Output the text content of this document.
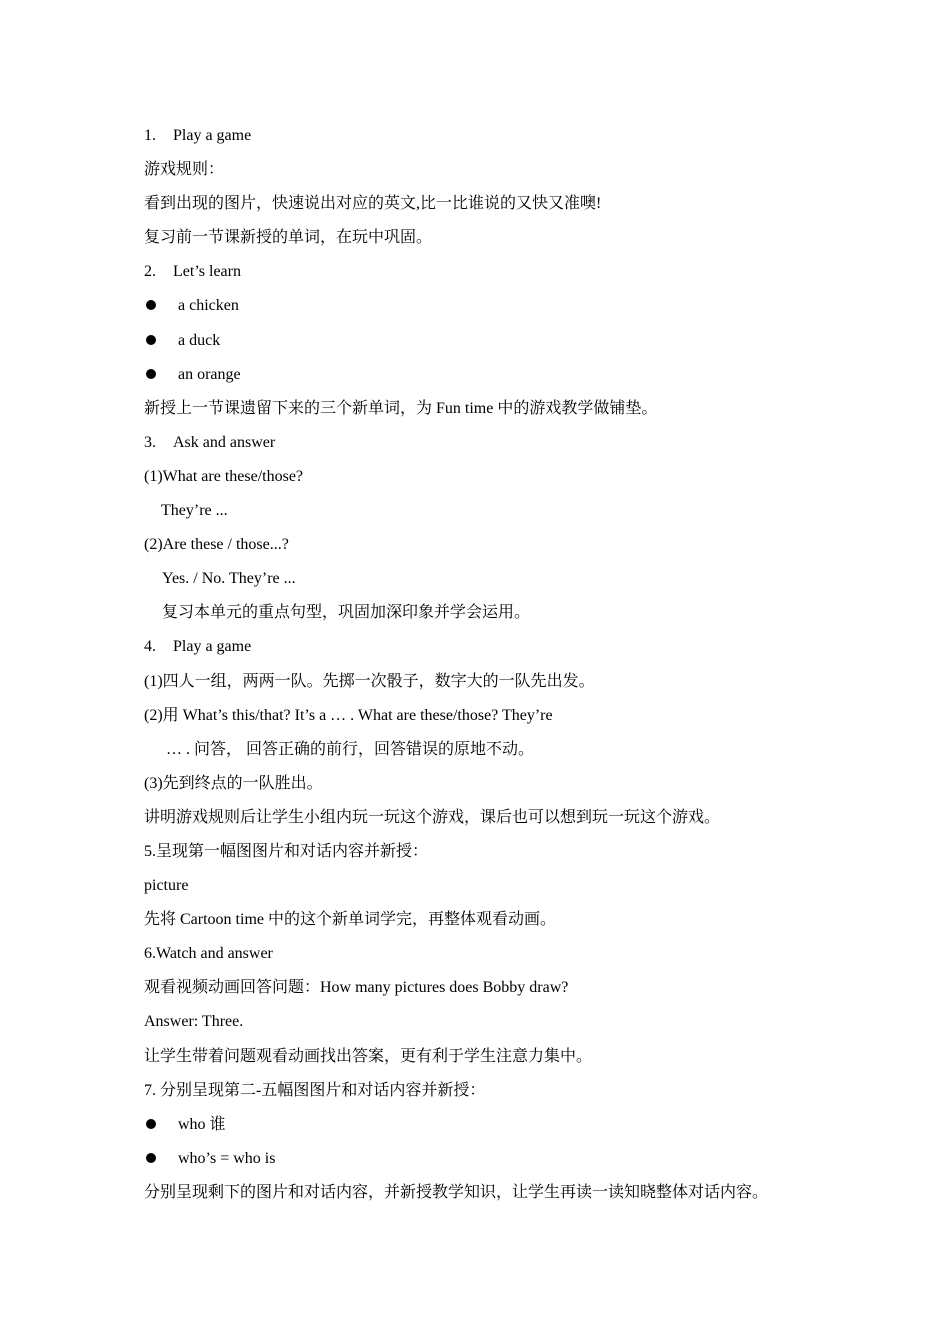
1. Play a game
游戏规则：
看到出现的图片，快速说出对应的英文,比一比谁说的又快又准噢!
复习前一节课新授的单词，在玩中巩固。
2. Let’s learn
a chicken
a duck
an orange
新授上一节课遗留下来的三个新单词，为 Fun time 中的游戏教学做铺垫。
3. Ask and answer
(1)What are these/those?
They’re ...
(2)Are these / those...?
Yes. / No. They’re ...
复习本单元的重点句型，巩固加深印象并学会运用。
4. Play a game
(1)四人一组，两两一队。先掷一次骰子，数字大的一队先出发。
(2)用 What’s this/that? It’s a … . What are these/those? They’re
… . 问答， 回答正确的前行，回答错误的原地不动。
(3)先到终点的一队胜出。
讲明游戏规则后让学生小组内玩一玩这个游戏，课后也可以想到玩一玩这个游戏。
5.呈现第一幅图图片和对话内容并新授：
picture
先将 Cartoon time 中的这个新单词学完，再整体观看动画。
6.Watch and answer
观看视频动画回答问题：How many pictures does Bobby draw?
Answer: Three.
让学生带着问题观看动画找出答案，更有利于学生注意力集中。
7. 分别呈现第二-五幅图图片和对话内容并新授：
who 谁
who’s = who is
分别呈现剩下的图片和对话内容，并新授教学知识，让学生再读一读知晓整体对话内容。
